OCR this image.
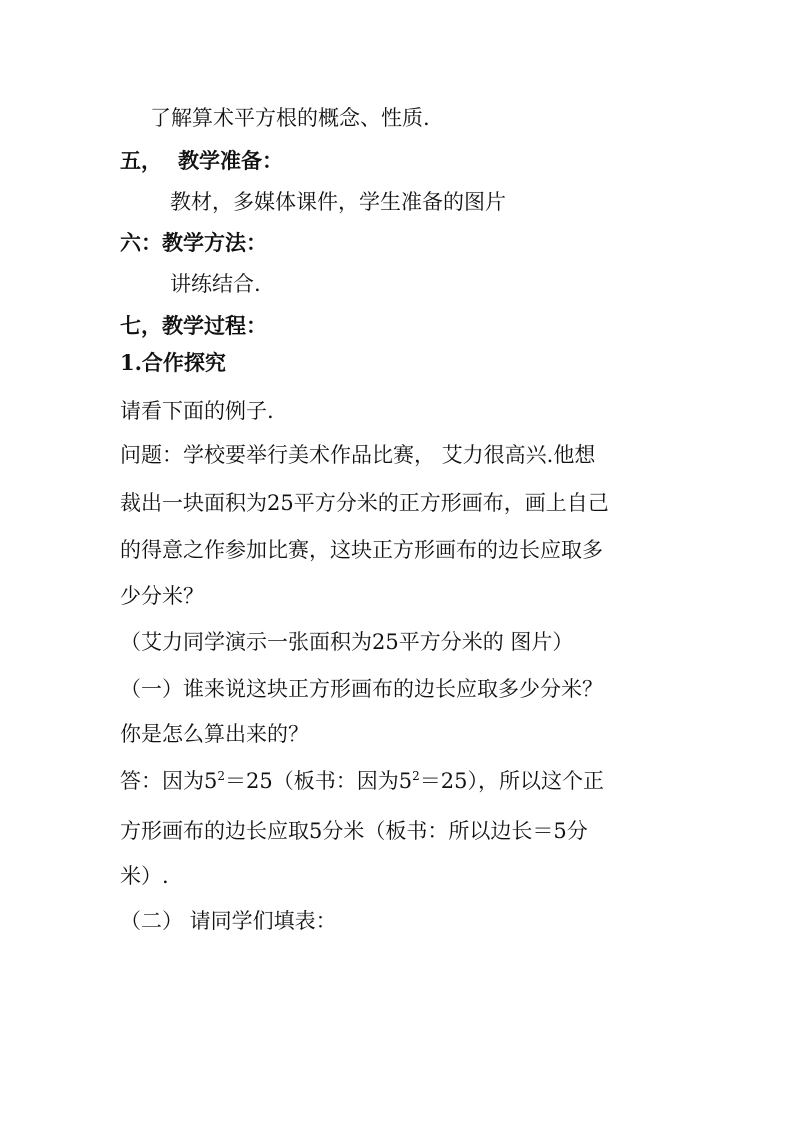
了解算术平方根的概念、性质.
五， 教学准备：
教材，多媒体课件，学生准备的图片
六：教学方法：
讲练结合.
七，教学过程：
1.合作探究
请看下面的例子.
问题：学校要举行美术作品比赛， 艾力很高兴.他想
裁出一块面积为25平方分米的正方形画布，画上自己
的得意之作参加比赛，这块正方形画布的边长应取多
少分米？
（艾力同学演示一张面积为25平方分米的 图片）
（一）谁来说这块正方形画布的边长应取多少分米？
你是怎么算出来的？
答：因为$5^2=25$（板书：因为$5^2=25$），所以这个正
方形画布的边长应取5分米（板书：所以边长＝5分
米）.
（二） 请同学们填表：
